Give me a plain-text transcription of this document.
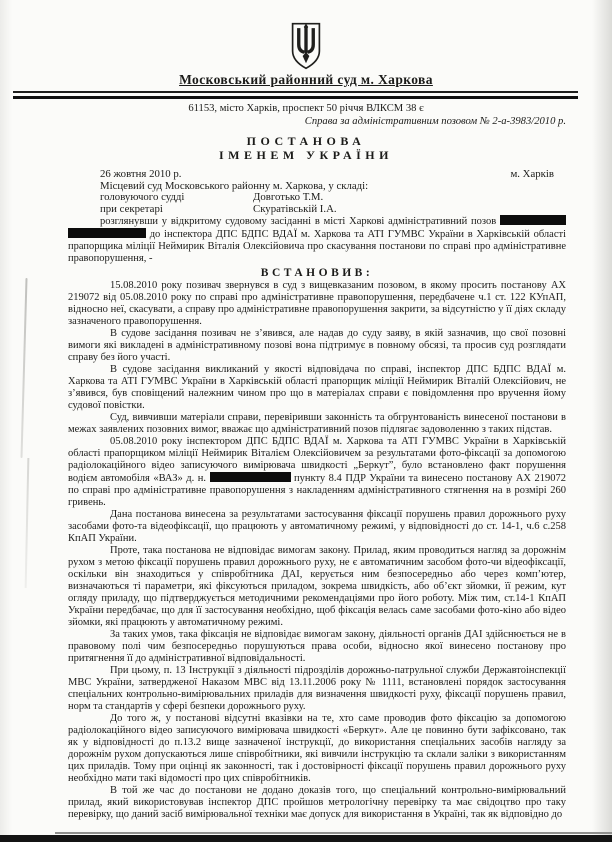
Московський районний суд м. Харкова
61153, місто Харків, проспект 50 річчя ВЛКСМ 38 є
Справа за адміністративним позовом № 2-а-3983/2010 р.
ПОСТАНОВА
ІМЕНЕМ УКРАЇНИ
26 жовтня 2010 р.	м. Харків
Місцевий суд Московського районну м. Харкова, у складі:
головуючого судді	Довготько Т.М.
при секретарі	Скуратівській І.А.

розглянувши у відкритому судовому засіданні в місті Харкові адміністративний позов   до інспектора ДПС БДПС ВДАЇ м. Харкова та АТІ ГУМВС України в Харківській області прапорщика міліції Неймирик Віталія Олексійовича про скасування постанови по справі про адміністративне правопорушення, -

ВСТАНОВИВ:

15.08.2010 року позивач звернувся в суд з вищевказаним позовом, в якому просить постанову АХ 219072 від 05.08.2010 року по справі про адміністративне правопорушення, передбачене ч.1 ст. 122 КУпАП, відносно неї, скасувати, а справу про адміністративне правопорушення закрити, за відсутністю у її діях складу зазначеного правопорушення.

В судове засідання позивач не з’явився, але надав до суду заяву, в якій зазначив, що свої позовні вимоги які викладені в адміністративному позові вона підтримує в повному обсязі, та просив суд розглядати справу без його участі.

В судове засідання викликаний у якості відповідача по справі, інспектор ДПС БДПС ВДАЇ м. Харкова та АТІ ГУМВС України в Харківській області прапорщик міліції Неймирик Віталій Олексійович, не з’явився, був сповіщений належним чином про що в матеріалах справи є повідомлення про вручення йому судової повістки.

Суд, вивчивши матеріали справи, перевіривши законність та обгрунтованість винесеної постанови в межах заявлених позовних вимог, вважає що адміністративний позов підлягає задоволенню з таких підстав.

05.08.2010 року інспектором ДПС БДПС ВДАЇ м. Харкова та АТІ ГУМВС України в Харківській області прапорщиком міліції Неймирик Віталієм Олексійовичем за результатами фото-фіксації за допомогою радіолокаційного відео записуючого вимірювача швидкості „Беркут”, було встановлено факт порушення водієм автомобіля «ВАЗ» д. н.	пункту 8.4 ПДР України та винесено постанову АХ 219072 по справі про адміністративне правопорушення з накладенням адміністративного стягнення на в розмірі 260 гривень.

Дана постанова винесена за результатами застосування фіксації порушень правил дорожнього руху засобами фото-та відеофіксації, що працюють у автоматичному режимі, у відповідності до ст. 14-1, ч.6 с.258 КпАП України.

Проте, така постанова не відповідає вимогам закону. Прилад, яким проводиться нагляд за дорожнім рухом з метою фіксації порушень правил дорожнього руху, не є автоматичним засобом фото-чи відеофіксації, оскільки він знаходиться у співробітника ДАІ, керується ним безпосередньо або через комп’ютер, визначаються ті параметри, які фіксуються приладом, зокрема швидкість, або об’єкт зйомки, її режим, кут огляду приладу, що підтверджується методичними рекомендаціями про його роботу. Між тим, ст.14-1 КпАП України передбачає, що для її застосування необхідно, щоб фіксація велась саме засобами фото-кіно або відео зйомки, які працюють у автоматичному режимі.

За таких умов, така фіксація не відповідає вимогам закону, діяльності органів ДАІ здійснюється не в правовому полі чим безпосередньо порушуються права особи, відносно якої винесено постанову про притягнення її до адміністративної відповідальності.

При цьому, п. 13 Інструкції з діяльності підрозділів дорожньо-патрульної служби Державтоінспекції МВС України, затвердженої Наказом МВС від 13.11.2006 року № 1111, встановлені порядок застосування спеціальних контрольно-вимірювальних приладів для визначення швидкості руху, фіксації порушень правил, норм та стандартів у сфері безпеки дорожнього руху.

До того ж, у постанові відсутні вказівки на те, хто саме проводив фото фіксацію за допомогою радіолокаційного відео записуючого вимірювача швидкості «Беркут». Але це повинно бути зафіксовано, так як у відповідності до п.13.2 вище зазначеної інструкції, до використання спеціальних засобів нагляду за дорожнім рухом допускаються лише співробітники, які вивчили інструкцію та склали заліки з використанням цих приладів. Тому при оцінці як законності, так і достовірності фіксації порушень правил дорожнього руху необхідно мати такі відомості про цих співробітників.

В той же час до постанови не додано доказів того, що спеціальний контрольно-вимірювальний прилад, який використовував інспектор ДПС пройшов метрологічну перевірку та має свідоцтво про таку перевірку, що даний засіб вимірювальної техніки має допуск для використання в Україні, так як відповідно до
